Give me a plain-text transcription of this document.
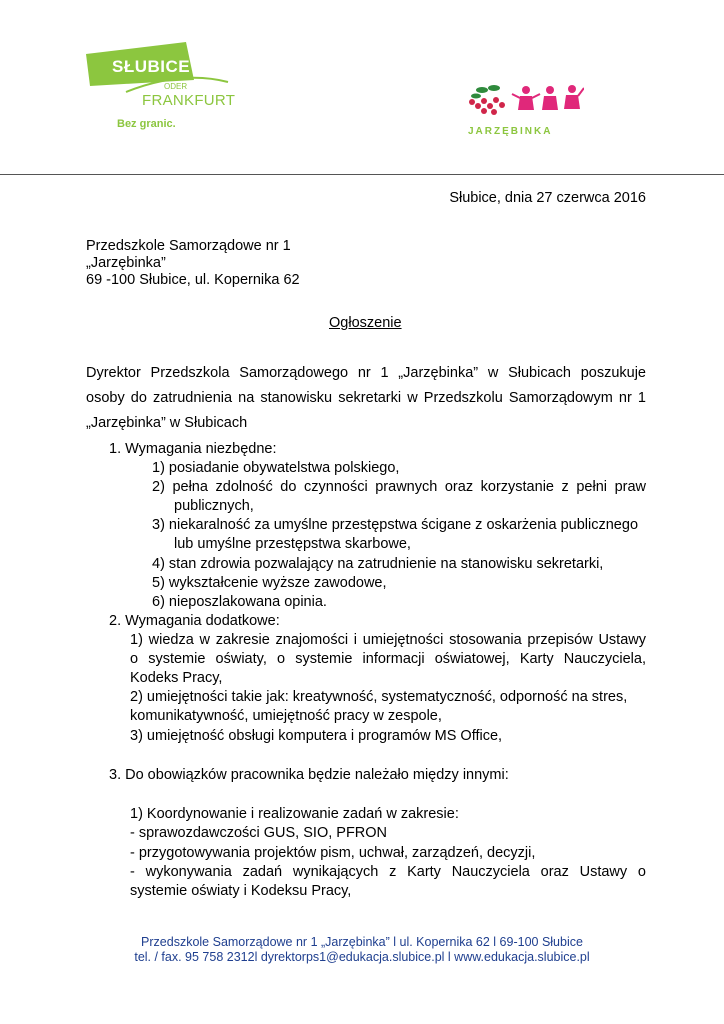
SŁUBICE
ODER
FRANKFURT
Bez granic.
JARZĘBINKA
Słubice, dnia 27 czerwca 2016
Przedszkole Samorządowe nr 1
„Jarzębinka”
69 -100 Słubice, ul. Kopernika 62
Ogłoszenie
Dyrektor Przedszkola Samorządowego nr 1 „Jarzębinka” w Słubicach poszukuje
osoby do zatrudnienia na stanowisku sekretarki w Przedszkolu Samorządowym nr 1
„Jarzębinka” w Słubicach
1. Wymagania niezbędne:
1) posiadanie obywatelstwa polskiego,
2) pełna zdolność do czynności prawnych oraz korzystanie z pełni praw
publicznych,
3) niekaralność za umyślne przestępstwa ścigane z oskarżenia publicznego
lub umyślne przestępstwa skarbowe,
4) stan zdrowia pozwalający na zatrudnienie na stanowisku sekretarki,
5) wykształcenie wyższe zawodowe,
6) nieposzlakowana opinia.
2. Wymagania dodatkowe:
1) wiedza w zakresie znajomości i umiejętności stosowania przepisów Ustawy
o systemie oświaty, o systemie informacji oświatowej, Karty Nauczyciela,
Kodeks Pracy,
2) umiejętności takie jak: kreatywność, systematyczność, odporność na stres,
komunikatywność, umiejętność pracy w zespole,
3) umiejętność obsługi komputera i programów MS Office,
3. Do obowiązków pracownika będzie należało między innymi:
1) Koordynowanie i realizowanie zadań w zakresie:
- sprawozdawczości GUS, SIO, PFRON
- przygotowywania projektów pism, uchwał, zarządzeń, decyzji,
- wykonywania zadań wynikających z Karty Nauczyciela oraz Ustawy o
systemie oświaty i Kodeksu Pracy,
Przedszkole Samorządowe nr 1 „Jarzębinka” l ul. Kopernika 62 l 69-100 Słubice
tel. / fax. 95 758 2312l dyrektorps1@edukacja.slubice.pl l www.edukacja.slubice.pl
